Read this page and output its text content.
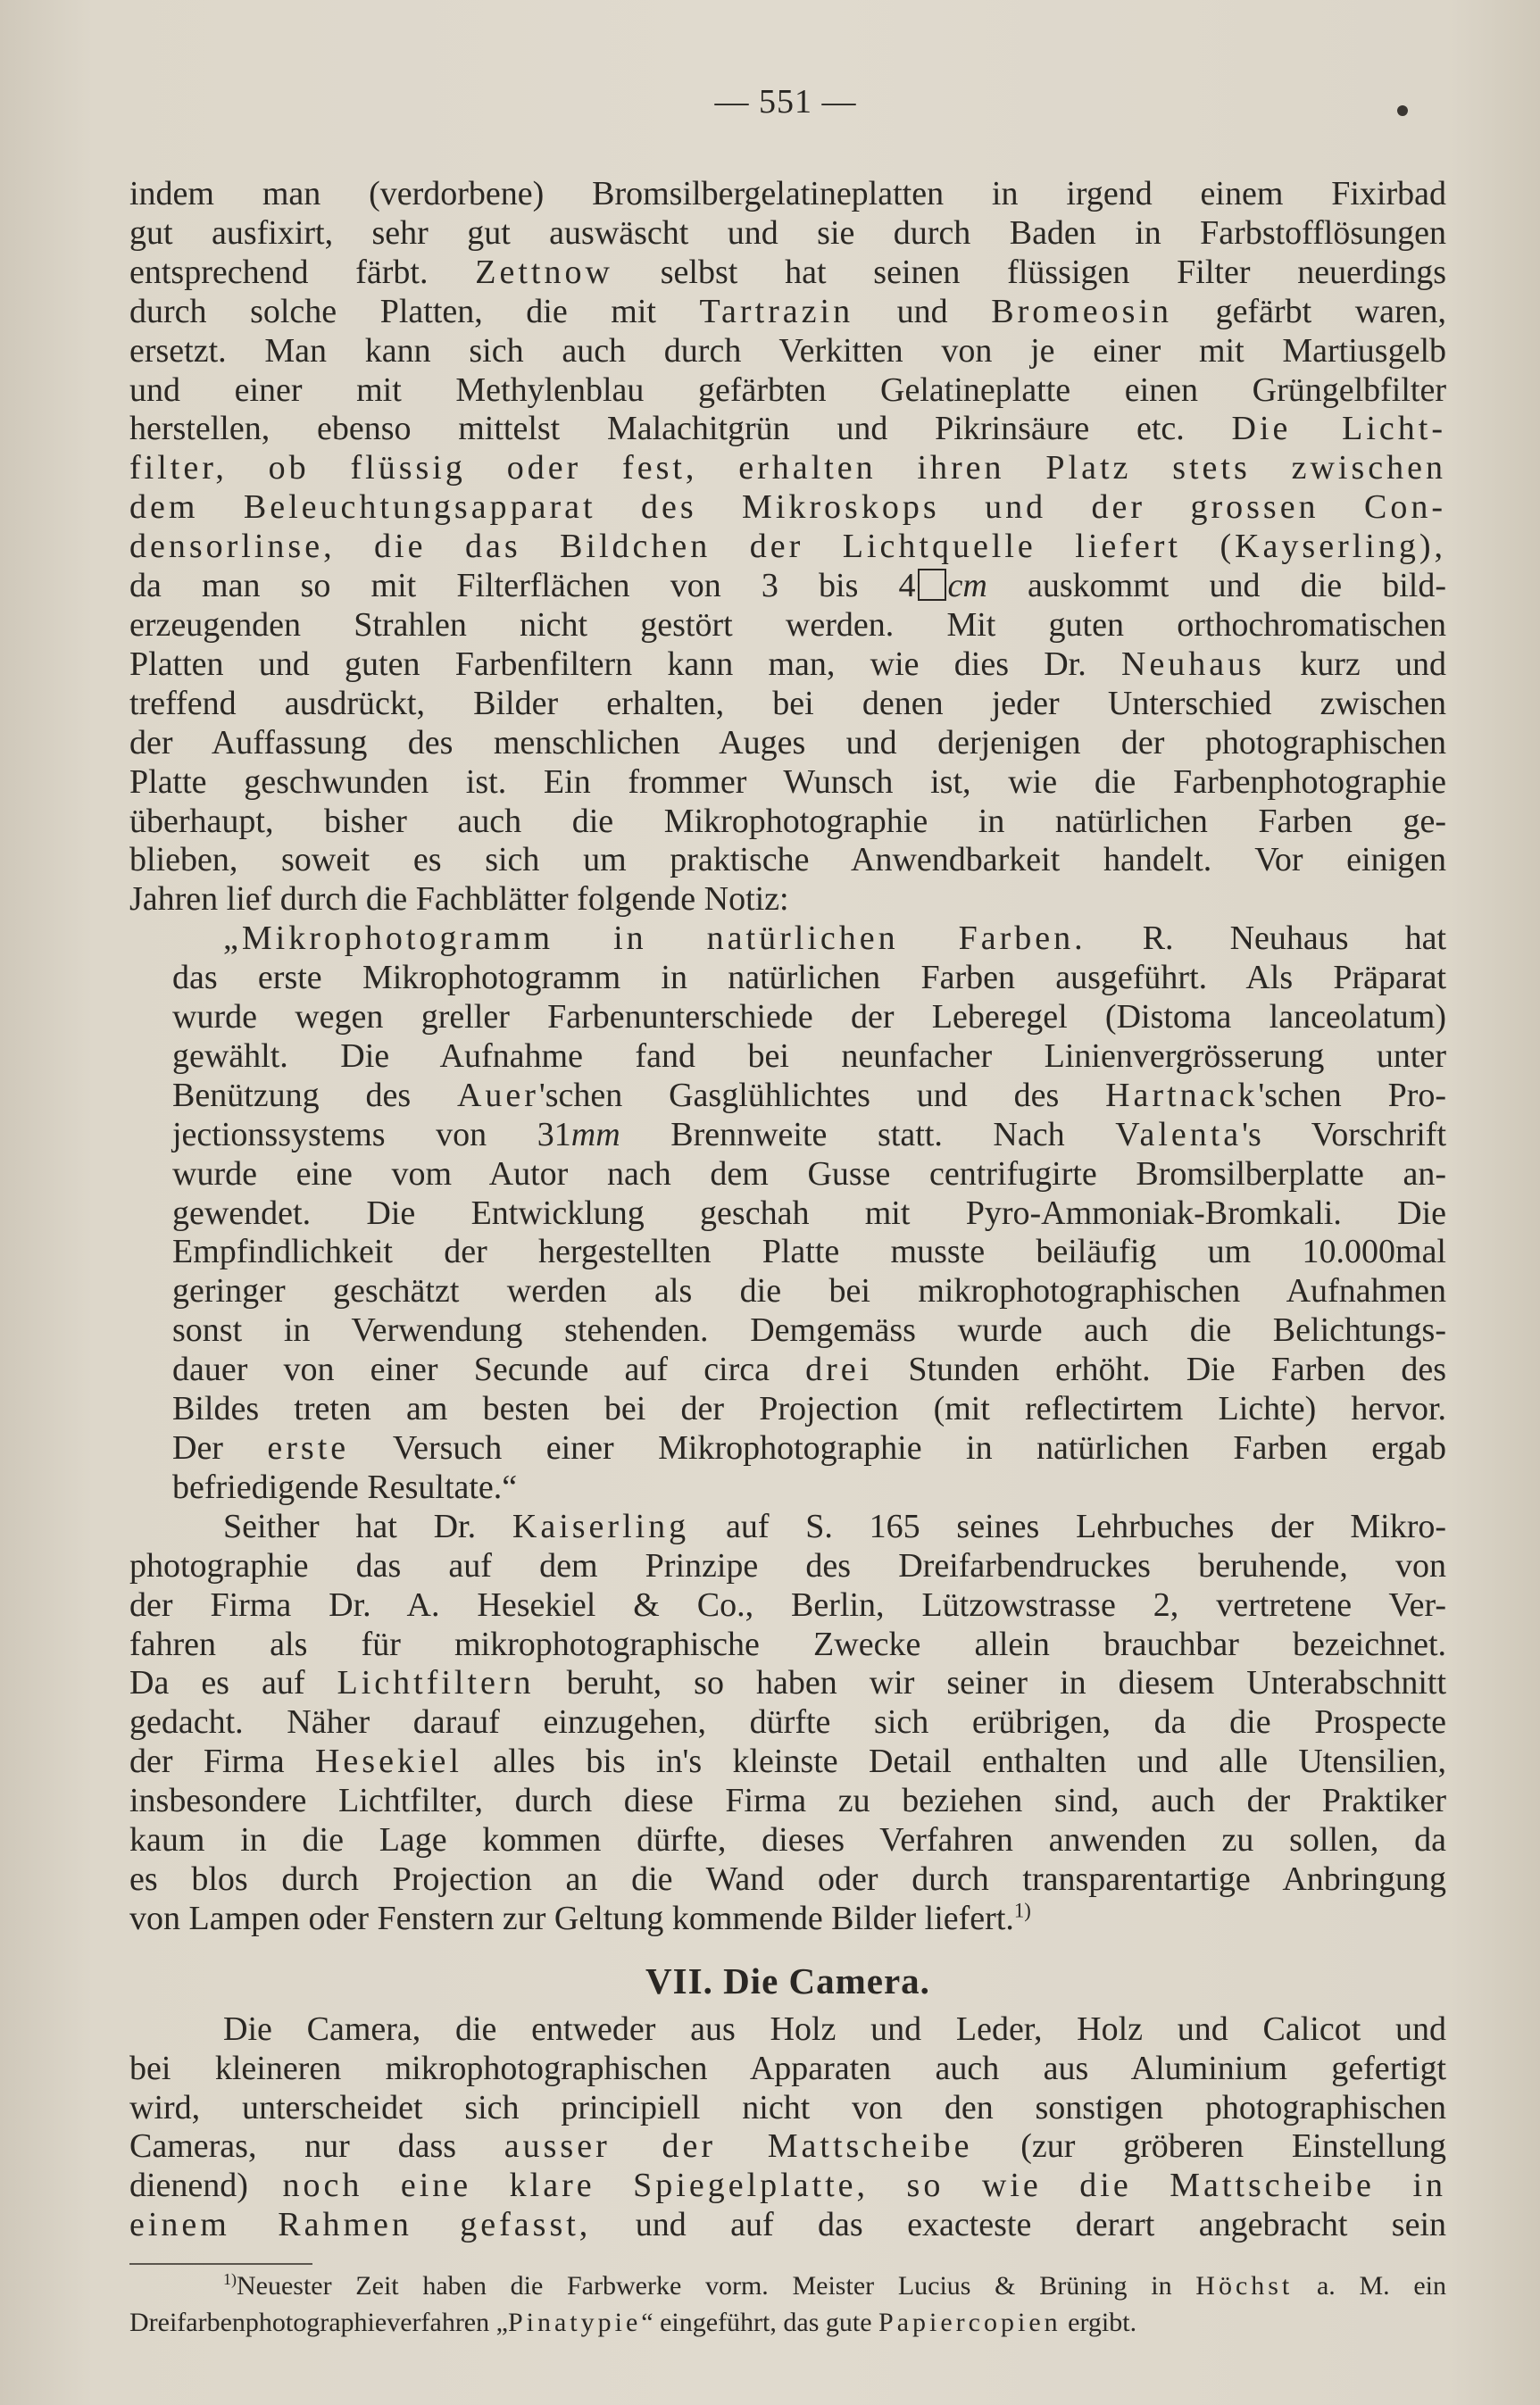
— 551 —

indem man (verdorbene) Bromsilbergelatineplatten in irgend einem Fixirbad

gut ausfixirt, sehr gut auswäscht und sie durch Baden in Farbstofflösungen

entsprechend färbt. Zettnow selbst hat seinen flüssigen Filter neuerdings

durch solche Platten, die mit Tartrazin und Bromeosin gefärbt waren,

ersetzt. Man kann sich auch durch Verkitten von je einer mit Martiusgelb

und einer mit Methylenblau gefärbten Gelatineplatte einen Grüngelbfilter

herstellen, ebenso mittelst Malachitgrün und Pikrinsäure etc. Die Licht-

filter, ob flüssig oder fest, erhalten ihren Platz stets zwischen

dem Beleuchtungsapparat des Mikroskops und der grossen Con-

densorlinse, die das Bildchen der Lichtquelle liefert (Kayserling),

da man so mit Filterflächen von 3 bis 4 cm auskommt und die bild-

erzeugenden Strahlen nicht gestört werden. Mit guten orthochromatischen

Platten und guten Farbenfiltern kann man, wie dies Dr. Neuhaus kurz und

treffend ausdrückt, Bilder erhalten, bei denen jeder Unterschied zwischen

der Auffassung des menschlichen Auges und derjenigen der photographischen

Platte geschwunden ist. Ein frommer Wunsch ist, wie die Farbenphotographie

überhaupt, bisher auch die Mikrophotographie in natürlichen Farben ge-

blieben, soweit es sich um praktische Anwendbarkeit handelt. Vor einigen

Jahren lief durch die Fachblätter folgende Notiz:

„Mikrophotogramm in natürlichen Farben. R. Neuhaus hat

das erste Mikrophotogramm in natürlichen Farben ausgeführt. Als Präparat

wurde wegen greller Farbenunterschiede der Leberegel (Distoma lanceolatum)

gewählt. Die Aufnahme fand bei neunfacher Linienvergrösserung unter

Benützung des Auer'schen Gasglühlichtes und des Hartnack'schen Pro-

jectionssystems von 31mm Brennweite statt. Nach Valenta's Vorschrift

wurde eine vom Autor nach dem Gusse centrifugirte Bromsilberplatte an-

gewendet. Die Entwicklung geschah mit Pyro-Ammoniak-Bromkali. Die

Empfindlichkeit der hergestellten Platte musste beiläufig um 10.000mal

geringer geschätzt werden als die bei mikrophotographischen Aufnahmen

sonst in Verwendung stehenden. Demgemäss wurde auch die Belichtungs-

dauer von einer Secunde auf circa drei Stunden erhöht. Die Farben des

Bildes treten am besten bei der Projection (mit reflectirtem Lichte) hervor.

Der erste Versuch einer Mikrophotographie in natürlichen Farben ergab

befriedigende Resultate.“

Seither hat Dr. Kaiserling auf S. 165 seines Lehrbuches der Mikro-

photographie das auf dem Prinzipe des Dreifarbendruckes beruhende, von

der Firma Dr. A. Hesekiel & Co., Berlin, Lützowstrasse 2, vertretene Ver-

fahren als für mikrophotographische Zwecke allein brauchbar bezeichnet.

Da es auf Lichtfiltern beruht, so haben wir seiner in diesem Unterabschnitt

gedacht. Näher darauf einzugehen, dürfte sich erübrigen, da die Prospecte

der Firma Hesekiel alles bis in's kleinste Detail enthalten und alle Utensilien,

insbesondere Lichtfilter, durch diese Firma zu beziehen sind, auch der Praktiker

kaum in die Lage kommen dürfte, dieses Verfahren anwenden zu sollen, da

es blos durch Projection an die Wand oder durch transparentartige Anbringung

von Lampen oder Fenstern zur Geltung kommende Bilder liefert.$^{1)}$

VII. Die Camera.

Die Camera, die entweder aus Holz und Leder, Holz und Calicot und

bei kleineren mikrophotographischen Apparaten auch aus Aluminium gefertigt

wird, unterscheidet sich principiell nicht von den sonstigen photographischen

Cameras, nur dass ausser der Mattscheibe (zur gröberen Einstellung

dienend) noch eine klare Spiegelplatte, so wie die Mattscheibe in

einem Rahmen gefasst, und auf das exacteste derart angebracht sein

$^{1)}$Neuester Zeit haben die Farbwerke vorm. Meister Lucius & Brüning in Höchst a. M. ein

Dreifarbenphotographieverfahren „Pinatypie“ eingeführt, das gute Papiercopien ergibt.
